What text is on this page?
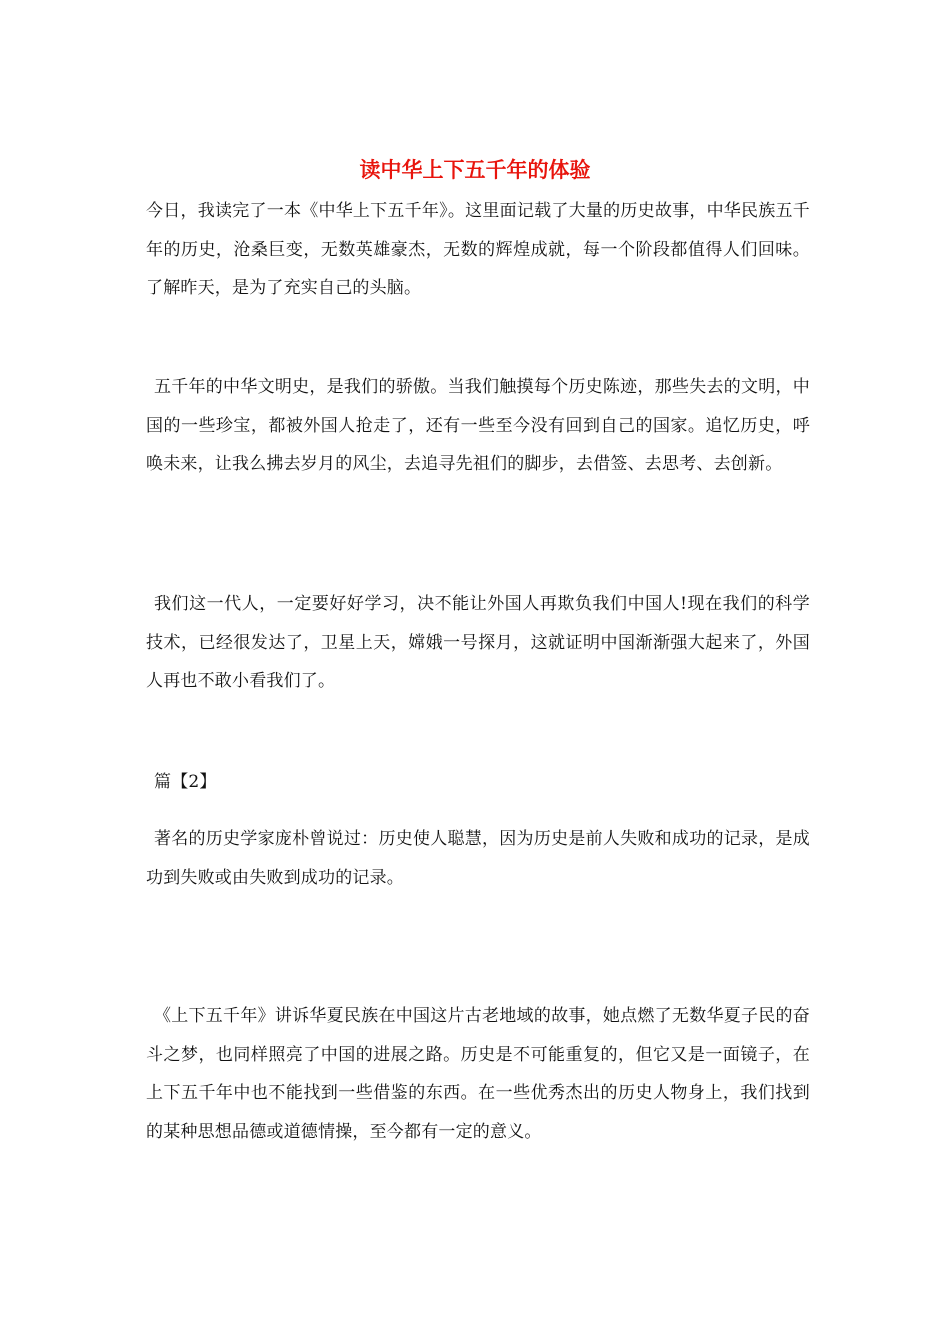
读中华上下五千年的体验

今日，我读完了一本《中华上下五千年》。这里面记载了大量的历史故事，中华民族五千年的历史，沧桑巨变，无数英雄豪杰，无数的辉煌成就，每一个阶段都值得人们回味。了解昨天，是为了充实自己的头脑。

五千年的中华文明史，是我们的骄傲。当我们触摸每个历史陈迹，那些失去的文明，中国的一些珍宝，都被外国人抢走了，还有一些至今没有回到自己的国家。追忆历史，呼唤未来，让我么拂去岁月的风尘，去追寻先祖们的脚步，去借签、去思考、去创新。

我们这一代人，一定要好好学习，决不能让外国人再欺负我们中国人!现在我们的科学技术，已经很发达了，卫星上天，嫦娥一号探月，这就证明中国渐渐强大起来了，外国人再也不敢小看我们了。

篇【2】

著名的历史学家庞朴曾说过：历史使人聪慧，因为历史是前人失败和成功的记录，是成功到失败或由失败到成功的记录。

《上下五千年》讲诉华夏民族在中国这片古老地域的故事，她点燃了无数华夏子民的奋斗之梦，也同样照亮了中国的进展之路。历史是不可能重复的，但它又是一面镜子，在上下五千年中也不能找到一些借鉴的东西。在一些优秀杰出的历史人物身上，我们找到的某种思想品德或道德情操，至今都有一定的意义。
